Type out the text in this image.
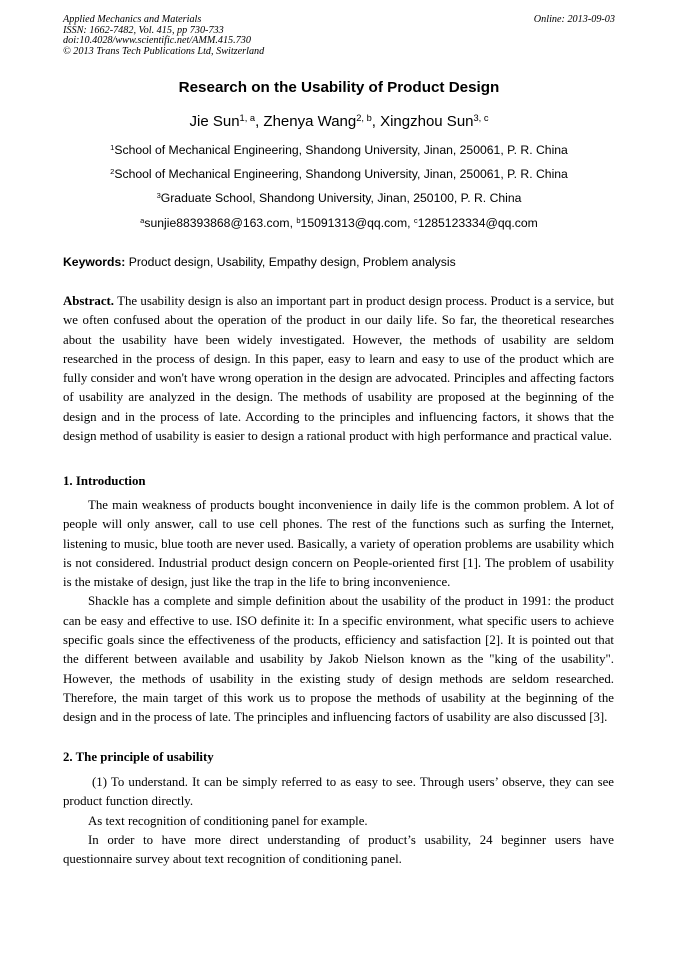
Applied Mechanics and Materials
ISSN: 1662-7482, Vol. 415, pp 730-733
doi:10.4028/www.scientific.net/AMM.415.730
© 2013 Trans Tech Publications Ltd, Switzerland
Online: 2013-09-03
Research on the Usability of Product Design
Jie Sun$^{1, a}$, Zhenya Wang$^{2, b}$, Xingzhou Sun$^{3, c}$
$^1$School of Mechanical Engineering, Shandong University, Jinan, 250061, P. R. China
$^2$School of Mechanical Engineering, Shandong University, Jinan, 250061, P. R. China
$^3$Graduate School, Shandong University, Jinan, 250100, P. R. China
$^a$sunjie88393868@163.com, $^b$15091313@qq.com, $^c$1285123334@qq.com
Keywords: Product design, Usability, Empathy design, Problem analysis

Abstract. The usability design is also an important part in product design process. Product is a service, but we often confused about the operation of the product in our daily life. So far, the theoretical researches about the usability have been widely investigated. However, the methods of usability are seldom researched in the process of design. In this paper, easy to learn and easy to use of the product which are fully consider and won't have wrong operation in the design are advocated. Principles and affecting factors of usability are analyzed in the design. The methods of usability are proposed at the beginning of the design and in the process of late. According to the principles and influencing factors, it shows that the design method of usability is easier to design a rational product with high performance and practical value.

1. Introduction

The main weakness of products bought inconvenience in daily life is the common problem. A lot of people will only answer, call to use cell phones. The rest of the functions such as surfing the Internet, listening to music, blue tooth are never used. Basically, a variety of operation problems are usability which is not considered. Industrial product design concern on People-oriented first [1]. The problem of usability is the mistake of design, just like the trap in the life to bring inconvenience.

Shackle has a complete and simple definition about the usability of the product in 1991: the product can be easy and effective to use. ISO definite it: In a specific environment, what specific users to achieve specific goals since the effectiveness of the products, efficiency and satisfaction [2]. It is pointed out that the different between available and usability by Jakob Nielson known as the "king of the usability". However, the methods of usability in the existing study of design methods are seldom researched. Therefore, the main target of this work us to propose the methods of usability at the beginning of the design and in the process of late. The principles and influencing factors of usability are also discussed [3].

2. The principle of usability

(1) To understand. It can be simply referred to as easy to see. Through users’ observe, they can see product function directly.

As text recognition of conditioning panel for example.

In order to have more direct understanding of product’s usability, 24 beginner users have questionnaire survey about text recognition of conditioning panel.
